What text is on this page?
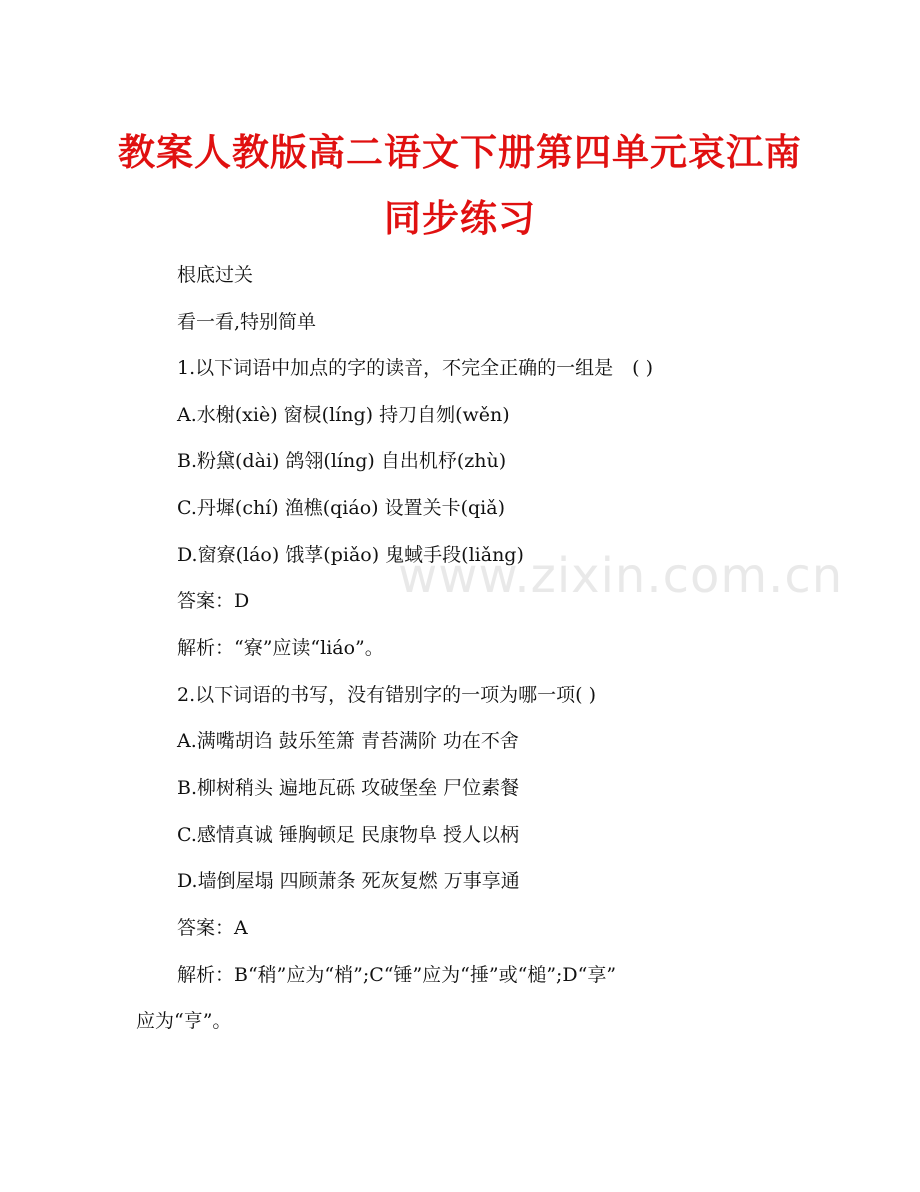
教案人教版高二语文下册第四单元哀江南
同步练习
根底过关
看一看,特别简单
1.以下词语中加点的字的读音，不完全正确的一组是　( )
A.水榭(xiè) 窗棂(líng) 持刀自刎(wěn)
B.粉黛(dài) 鸽翎(líng) 自出机杼(zhù)
C.丹墀(chí) 渔樵(qiáo) 设置关卡(qiǎ)
D.窗寮(láo) 饿莩(piǎo) 鬼蜮手段(liǎng)
答案：D
解析：“寮”应读“liáo”。
2.以下词语的书写，没有错别字的一项为哪一项( )
A.满嘴胡诌 鼓乐笙箫 青苔满阶 功在不舍
B.柳树稍头 遍地瓦砾 攻破堡垒 尸位素餐
C.感情真诚 锤胸顿足 民康物阜 授人以柄
D.墙倒屋塌 四顾萧条 死灰复燃 万事享通
答案：A
解析：B“稍”应为“梢”;C“锤”应为“捶”或“槌”;D“享”
应为“亨”。
www.zixin.com.cn
